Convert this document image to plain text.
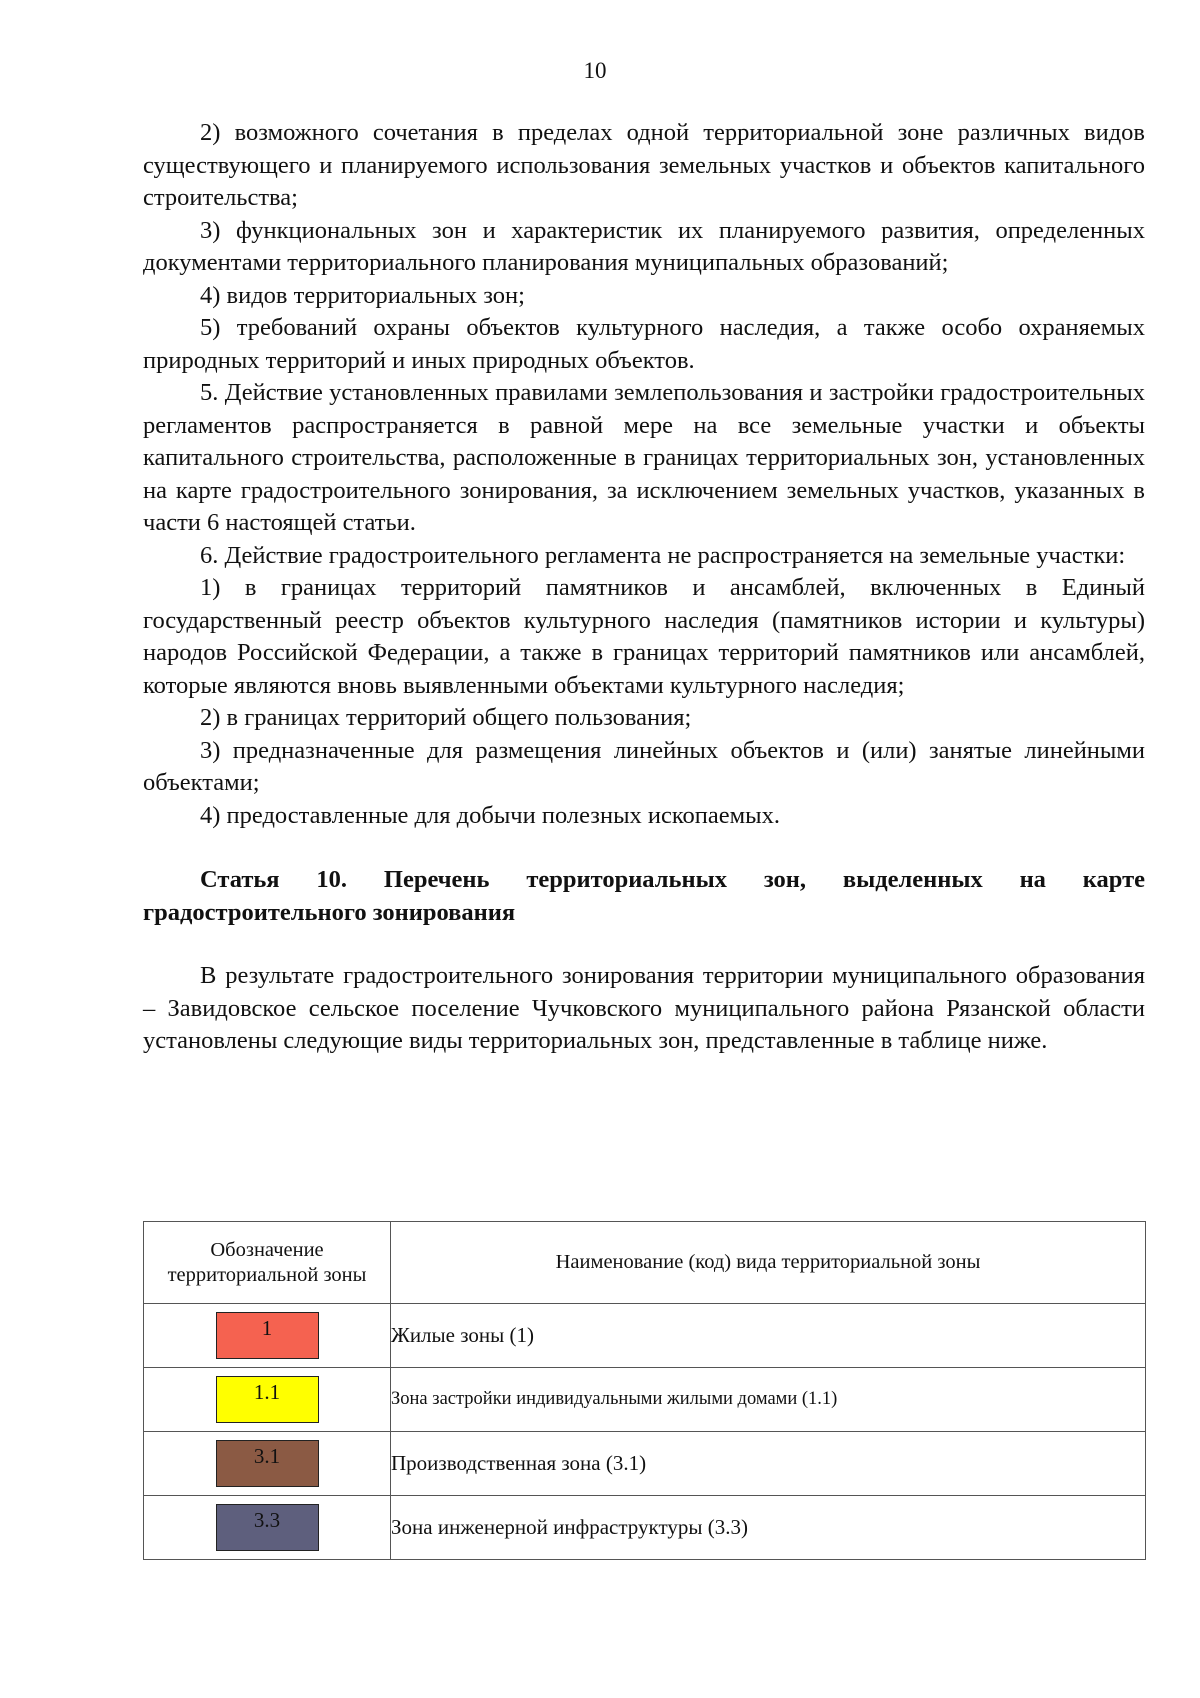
10

2) возможного сочетания в пределах одной территориальной зоне различных видов существующего и планируемого использования земельных участков и объектов капитального строительства;

3) функциональных зон и характеристик их планируемого развития, определенных документами территориального планирования муниципальных образований;

4) видов территориальных зон;

5) требований охраны объектов культурного наследия, а также особо охраняемых природных территорий и иных природных объектов.

5. Действие установленных правилами землепользования и застройки градостроительных регламентов распространяется в равной мере на все земельные участки и объекты капитального строительства, расположенные в границах территориальных зон, установленных на карте градостроительного зонирования, за исключением земельных участков, указанных в части 6 настоящей статьи.

6. Действие градостроительного регламента не распространяется на земельные участки:

1) в границах территорий памятников и ансамблей, включенных в Единый государственный реестр объектов культурного наследия (памятников истории и культуры) народов Российской Федерации, а также в границах территорий памятников или ансамблей, которые являются вновь выявленными объектами культурного наследия;

2) в границах территорий общего пользования;

3) предназначенные для размещения линейных объектов и (или) занятые линейными объектами;

4) предоставленные для добычи полезных ископаемых.

Статья 10. Перечень территориальных зон, выделенных на карте градостроительного зонирования

В результате градостроительного зонирования территории муниципального образования – Завидовское сельское поселение Чучковского муниципального района Рязанской области установлены следующие виды территориальных зон, представленные в таблице ниже.

Обозначение территориальной зоны	Наименование (код) вида территориальной зоны
1	Жилые зоны (1)
1.1	Зона застройки индивидуальными жилыми домами (1.1)
3.1	Производственная зона (3.1)
3.3	Зона инженерной инфраструктуры (3.3)
